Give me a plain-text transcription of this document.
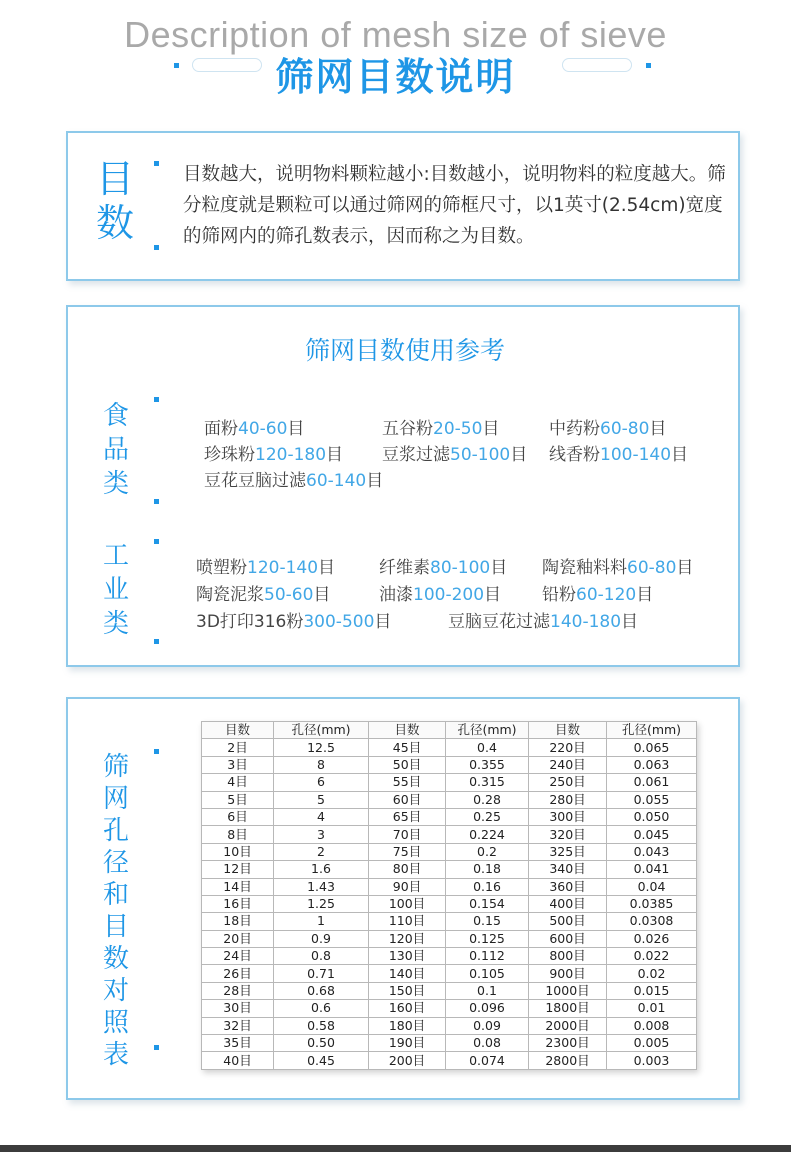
Description of mesh size of sieve
筛网目数说明
目数
目数越大，说明物料颗粒越小:目数越小，说明物料的粒度越大。筛分粒度就是颗粒可以通过筛网的筛框尺寸，以1英寸(2.54cm)宽度的筛网内的筛孔数表示，因而称之为目数。
筛网目数使用参考
食品类
面粉40-60目	五谷粉20-50目	中药粉60-80目
珍珠粉120-180目 豆浆过滤50-100目 线香粉100-140目
豆花豆脑过滤60-140目
工业类
喷塑粉120-140目	纤维素80-100目 陶瓷釉料料60-80目
陶瓷泥浆50-60目	油漆100-200目 铅粉60-120目
3D打印316粉300-500目	豆脑豆花过滤140-180目
筛网孔径和目数对照表
目数	孔径(mm)	目数	孔径(mm)	目数	孔径(mm)
2目	12.5	45目	0.4	220目	0.065
3目	8	50目	0.355	240目	0.063
4目	6	55目	0.315	250目	0.061
5目	5	60目	0.28	280目	0.055
6目	4	65目	0.25	300目	0.050
8目	3	70目	0.224	320目	0.045
10目	2	75目	0.2	325目	0.043
12目	1.6	80目	0.18	340目	0.041
14目	1.43	90目	0.16	360目	0.04
16目	1.25	100目	0.154	400目	0.0385
18目	1	110目	0.15	500目	0.0308
20目	0.9	120目	0.125	600目	0.026
24目	0.8	130目	0.112	800目	0.022
26目	0.71	140目	0.105	900目	0.02
28目	0.68	150目	0.1	1000目	0.015
30目	0.6	160目	0.096	1800目	0.01
32目	0.58	180目	0.09	2000目	0.008
35目	0.50	190目	0.08	2300目	0.005
40目	0.45	200目	0.074	2800目	0.003
